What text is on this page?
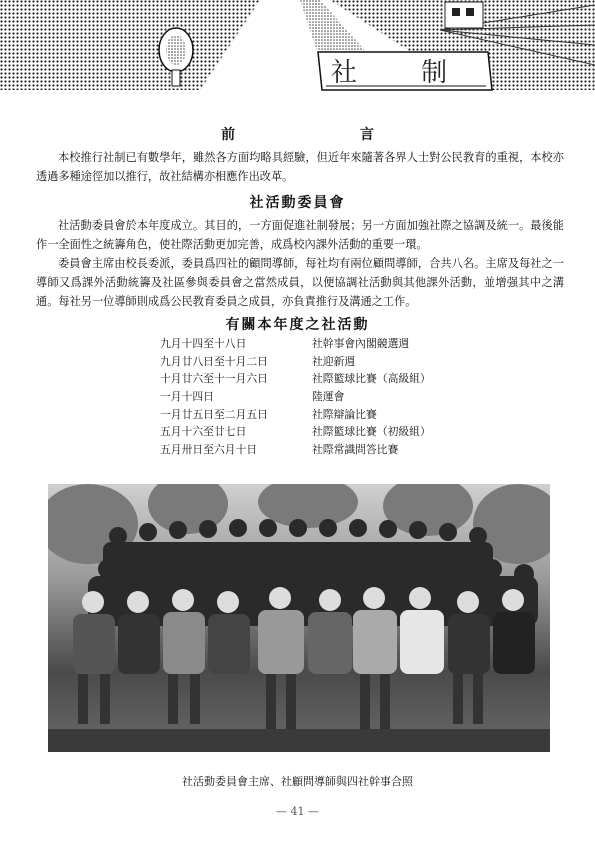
社 制
前 言
本校推行社制已有數學年，雖然各方面均略具經驗，但近年來隨著各界人士對公民教育的重視，本校亦透過多種途徑加以推行，故社結構亦相應作出改革。
社活動委員會
社活動委員會於本年度成立。其目的，一方面促進社制發展；另一方面加強社際之協調及統一。最後能作一全面性之統籌角色，使社際活動更加完善，成爲校內課外活動的重要一環。
委員會主席由校長委派，委員爲四社的顧問導師，每社均有兩位顧問導師，合共八名。主席及每社之一導師又爲課外活動統籌及社區參與委員會之當然成員，以便協調社活動與其他課外活動，並增强其中之溝通。每社另一位導師則成爲公民教育委員之成員，亦負責推行及溝通之工作。
有關本年度之社活動
九月十四至十八日	社幹事會內閣競選週
九月廿八日至十月二日	社迎新週
十月廿六至十一月六日	社際籃球比賽（高級組）
一月十四日	陸運會
一月廿五日至二月五日	社際辯論比賽
五月十六至廿七日	社際籃球比賽（初級組）
五月卅日至六月十日	社際常識問答比賽
社活動委員會主席、社顧問導師與四社幹事合照
— 41 —
